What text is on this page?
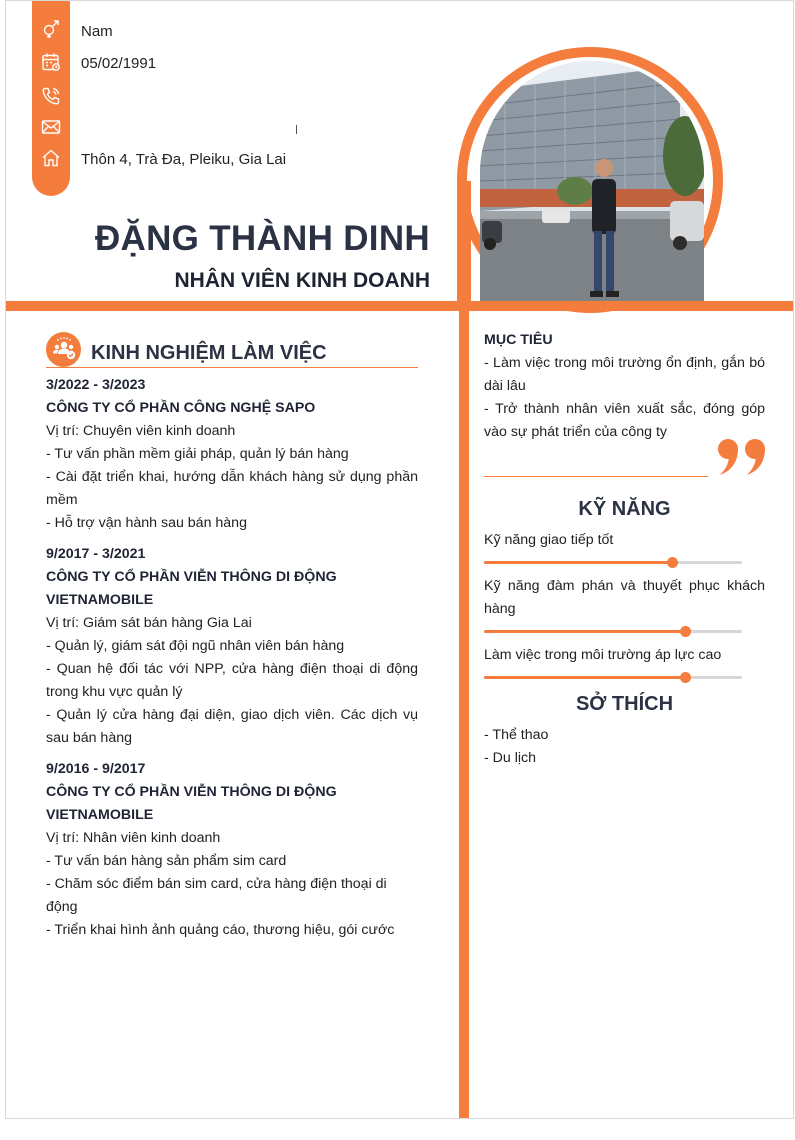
Nam
05/02/1991
Thôn 4, Trà Đa, Pleiku, Gia Lai
ĐẶNG THÀNH DINH
NHÂN VIÊN KINH DOANH
KINH NGHIỆM LÀM VIỆC
3/2022 - 3/2023
CÔNG TY CỔ PHẦN CÔNG NGHỆ SAPO
Vị trí: Chuyên viên kinh doanh
- Tư vấn phần mềm giải pháp, quản lý bán hàng
- Cài đặt triển khai, hướng dẫn khách hàng sử dụng phần mềm
- Hỗ trợ vận hành sau bán hàng
9/2017 - 3/2021
CÔNG TY CỔ PHẦN VIỄN THÔNG DI ĐỘNG VIETNAMOBILE
Vị trí: Giám sát bán hàng Gia Lai
- Quản lý, giám sát đội ngũ nhân viên bán hàng
- Quan hệ đối tác với NPP, cửa hàng điện thoại di động trong khu vực quản lý
- Quản lý cửa hàng đại diện, giao dịch viên. Các dịch vụ sau bán hàng
9/2016 - 9/2017
CÔNG TY CỔ PHẦN VIỄN THÔNG DI ĐỘNG VIETNAMOBILE
Vị trí: Nhân viên kinh doanh
- Tư vấn bán hàng sản phẩm sim card
- Chăm sóc điểm bán sim card, cửa hàng điện thoại di động
- Triển khai hình ảnh quảng cáo, thương hiệu, gói cước
MỤC TIÊU
- Làm việc trong môi trường ổn định, gắn bó dài lâu
- Trở thành nhân viên xuất sắc, đóng góp vào sự phát triển của công ty
KỸ NĂNG
Kỹ năng giao tiếp tốt
Kỹ năng đàm phán và thuyết phục khách hàng
Làm việc trong môi trường áp lực cao
SỞ THÍCH
- Thể thao
- Du lịch
